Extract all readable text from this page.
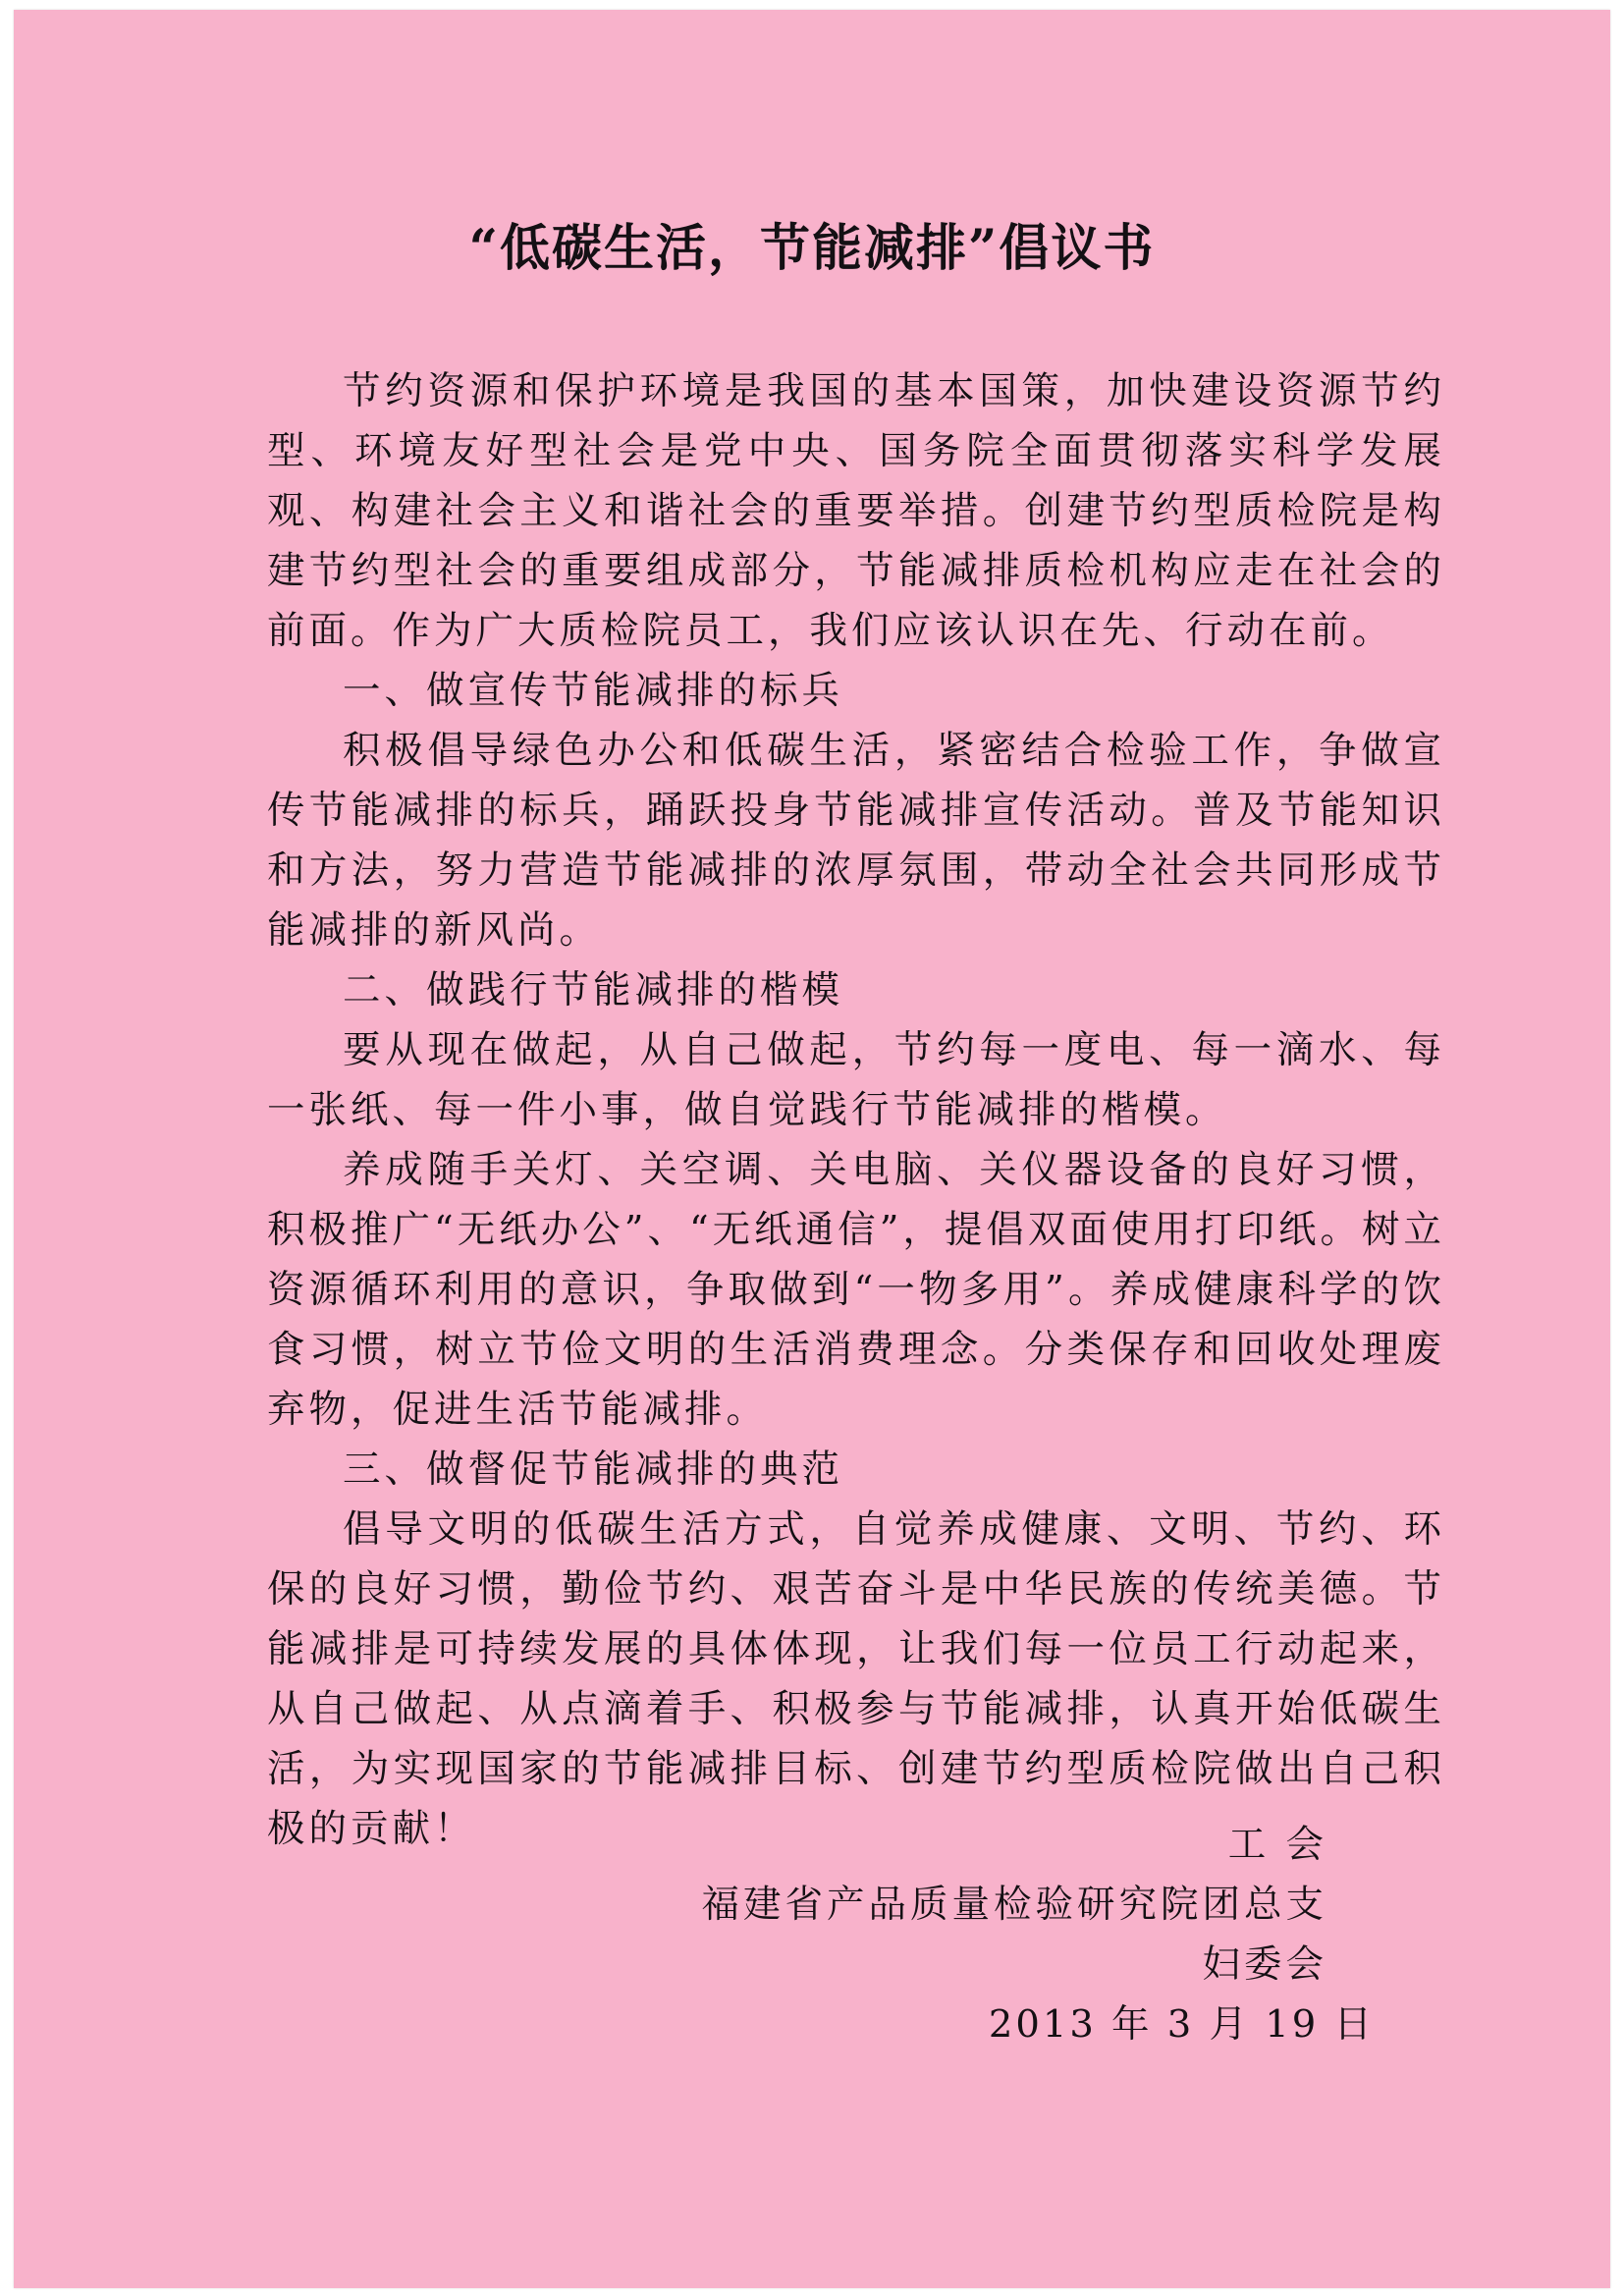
“低碳生活，节能减排”倡议书

节约资源和保护环境是我国的基本国策，加快建设资源节约型、环境友好型社会是党中央、国务院全面贯彻落实科学发展观、构建社会主义和谐社会的重要举措。创建节约型质检院是构建节约型社会的重要组成部分，节能减排质检机构应走在社会的前面。作为广大质检院员工，我们应该认识在先、行动在前。

一、做宣传节能减排的标兵

积极倡导绿色办公和低碳生活，紧密结合检验工作，争做宣传节能减排的标兵，踊跃投身节能减排宣传活动。普及节能知识和方法，努力营造节能减排的浓厚氛围，带动全社会共同形成节能减排的新风尚。

二、做践行节能减排的楷模

要从现在做起，从自己做起，节约每一度电、每一滴水、每一张纸、每一件小事，做自觉践行节能减排的楷模。

养成随手关灯、关空调、关电脑、关仪器设备的良好习惯，积极推广“无纸办公”、“无纸通信”，提倡双面使用打印纸。树立资源循环利用的意识，争取做到“一物多用”。养成健康科学的饮食习惯，树立节俭文明的生活消费理念。分类保存和回收处理废弃物，促进生活节能减排。

三、做督促节能减排的典范

倡导文明的低碳生活方式，自觉养成健康、文明、节约、环保的良好习惯，勤俭节约、艰苦奋斗是中华民族的传统美德。节能减排是可持续发展的具体体现，让我们每一位员工行动起来，从自己做起、从点滴着手、积极参与节能减排，认真开始低碳生活，为实现国家的节能减排目标、创建节约型质检院做出自己积极的贡献！	工 会
福建省产品质量检验研究院团总支
妇委会
2013 年 3 月 19 日
